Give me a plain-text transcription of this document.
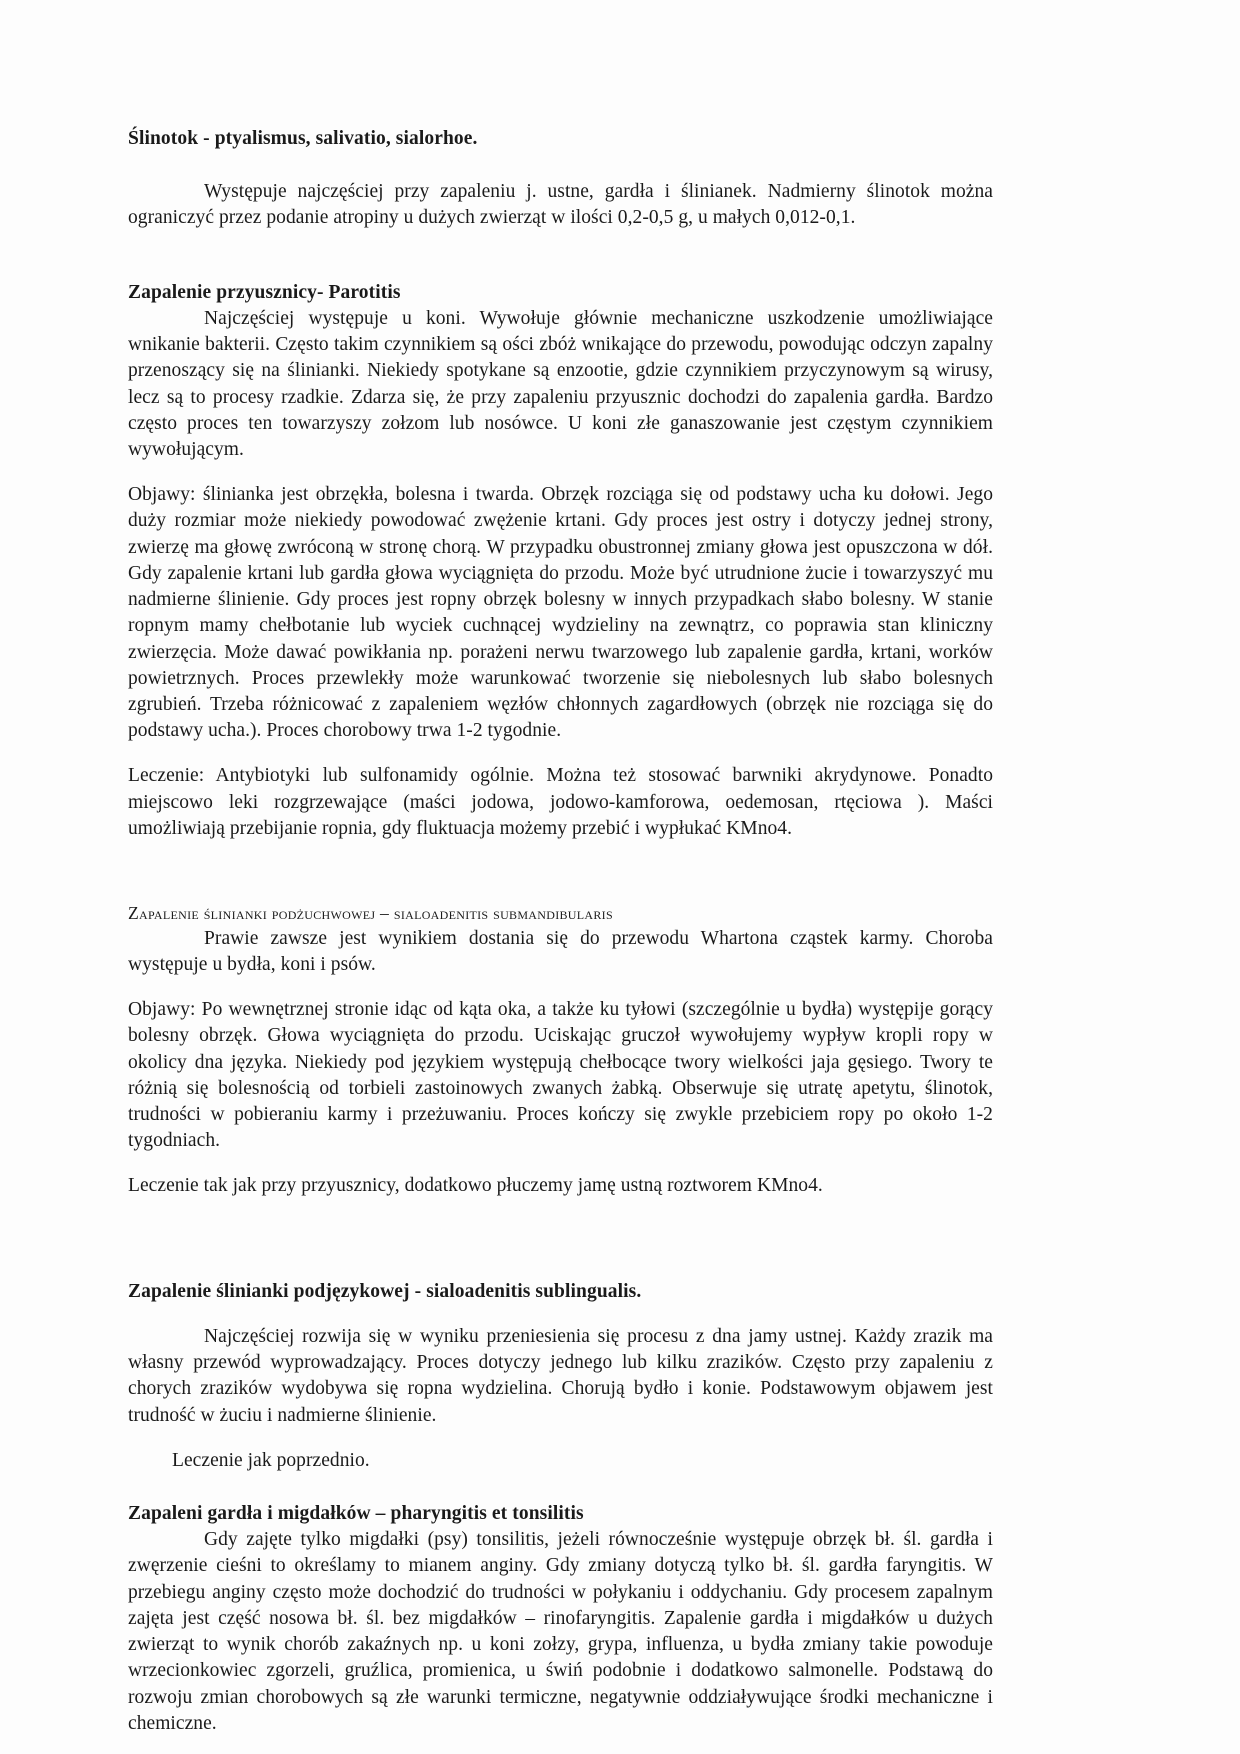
Ślinotok - ptyalismus, salivatio, sialorhoe.

Występuje najczęściej przy zapaleniu j. ustne, gardła i ślinianek. Nadmierny ślinotok można ograniczyć przez podanie atropiny u dużych zwierząt w ilości 0,2-0,5 g, u małych 0,012-0,1.

Zapalenie przyusznicy- Parotitis

Najczęściej występuje u koni. Wywołuje głównie mechaniczne uszkodzenie umożliwiające wnikanie bakterii. Często takim czynnikiem są ości zbóż wnikające do przewodu, powodując odczyn zapalny przenoszący się na ślinianki. Niekiedy spotykane są enzootie, gdzie czynnikiem przyczynowym są wirusy, lecz są to procesy rzadkie. Zdarza się, że przy zapaleniu przyusznic dochodzi do zapalenia gardła. Bardzo często proces ten towarzyszy zołzom lub nosówce. U koni złe ganaszowanie jest częstym czynnikiem wywołującym.

Objawy: ślinianka jest obrzękła, bolesna i twarda. Obrzęk rozciąga się od podstawy ucha ku dołowi. Jego duży rozmiar może niekiedy powodować zwężenie krtani. Gdy proces jest ostry i dotyczy jednej strony, zwierzę ma głowę zwróconą w stronę chorą. W przypadku obustronnej zmiany głowa jest opuszczona w dół. Gdy zapalenie krtani lub gardła głowa wyciągnięta do przodu. Może być utrudnione żucie i towarzyszyć mu nadmierne ślinienie. Gdy proces jest ropny obrzęk bolesny w innych przypadkach słabo bolesny. W stanie ropnym mamy chełbotanie lub wyciek cuchnącej wydzieliny na zewnątrz, co poprawia stan kliniczny zwierzęcia. Może dawać powikłania np. porażeni nerwu twarzowego lub zapalenie gardła, krtani, worków powietrznych. Proces przewlekły może warunkować tworzenie się niebolesnych lub słabo bolesnych zgrubień. Trzeba różnicować z zapaleniem węzłów chłonnych zagardłowych (obrzęk nie rozciąga się do podstawy ucha.). Proces chorobowy trwa 1-2 tygodnie.

Leczenie: Antybiotyki lub sulfonamidy ogólnie. Można też stosować barwniki akrydynowe. Ponadto miejscowo leki rozgrzewające (maści jodowa, jodowo-kamforowa, oedemosan, rtęciowa ). Maści umożliwiają przebijanie ropnia, gdy fluktuacja możemy przebić i wypłukać KMno4.

Zapalenie ślinianki podżuchwowej – sialoadenitis submandibularis

Prawie zawsze jest wynikiem dostania się do przewodu Whartona cząstek karmy. Choroba występuje u bydła, koni i psów.

Objawy: Po wewnętrznej stronie idąc od kąta oka, a także ku tyłowi (szczególnie u bydła) występije gorący bolesny obrzęk. Głowa wyciągnięta do przodu. Uciskając gruczoł wywołujemy wypływ kropli ropy w okolicy dna języka. Niekiedy pod językiem występują chełbocące twory wielkości jaja gęsiego. Twory te różnią się bolesnością od torbieli zastoinowych zwanych żabką. Obserwuje się utratę apetytu, ślinotok, trudności w pobieraniu karmy i przeżuwaniu. Proces kończy się zwykle przebiciem ropy po około 1-2 tygodniach.

Leczenie tak jak przy przyusznicy, dodatkowo płuczemy jamę ustną roztworem KMno4.

Zapalenie ślinianki podjęzykowej - sialoadenitis sublingualis.

Najczęściej rozwija się w wyniku przeniesienia się procesu z dna jamy ustnej. Każdy zrazik ma własny przewód wyprowadzający. Proces dotyczy jednego lub kilku zrazików. Często przy zapaleniu z chorych zrazików wydobywa się ropna wydzielina. Chorują bydło i konie. Podstawowym objawem jest trudność w żuciu i nadmierne ślinienie.

Leczenie jak poprzednio.

Zapaleni gardła i migdałków – pharyngitis et tonsilitis

Gdy zajęte tylko migdałki (psy) tonsilitis, jeżeli równocześnie występuje obrzęk bł. śl. gardła i zwęrzenie cieśni to określamy to mianem anginy. Gdy zmiany dotyczą tylko bł. śl. gardła faryngitis. W przebiegu anginy często może dochodzić do trudności w połykaniu i oddychaniu. Gdy procesem zapalnym zajęta jest część nosowa bł. śl. bez migdałków – rinofaryngitis. Zapalenie gardła i migdałków u dużych zwierząt to wynik chorób zakaźnych np. u koni zołzy, grypa, influenza, u bydła zmiany takie powoduje wrzecionkowiec zgorzeli, gruźlica, promienica, u świń podobnie i dodatkowo salmonelle. Podstawą do rozwoju zmian chorobowych są złe warunki termiczne, negatywnie oddziaływujące środki mechaniczne i chemiczne.
